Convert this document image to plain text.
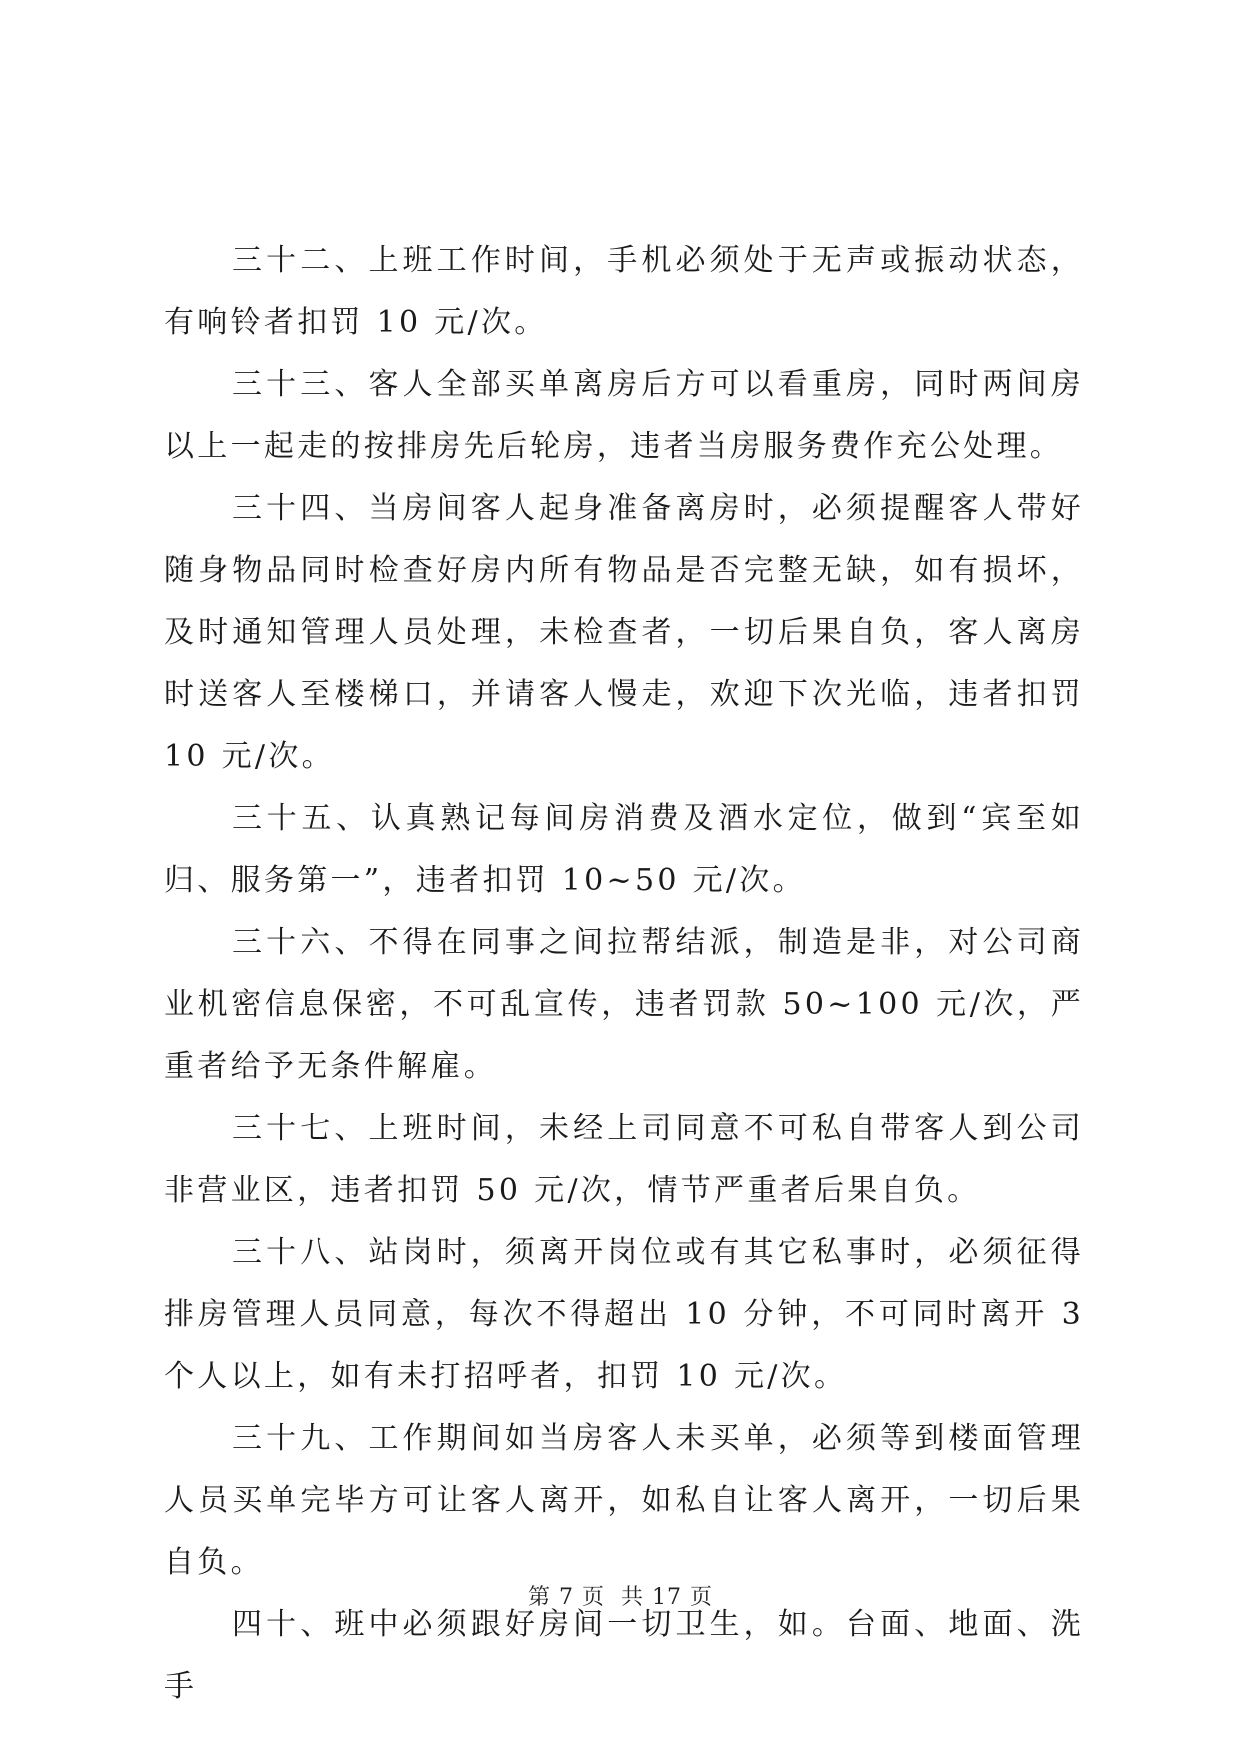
三十二、上班工作时间，手机必须处于无声或振动状态，有响铃者扣罚 10 元/次。

三十三、客人全部买单离房后方可以看重房，同时两间房以上一起走的按排房先后轮房，违者当房服务费作充公处理。

三十四、当房间客人起身准备离房时，必须提醒客人带好随身物品同时检查好房内所有物品是否完整无缺，如有损坏，及时通知管理人员处理，未检查者，一切后果自负，客人离房时送客人至楼梯口，并请客人慢走，欢迎下次光临，违者扣罚 10 元/次。

三十五、认真熟记每间房消费及酒水定位，做到“宾至如归、服务第一”，违者扣罚 10~50 元/次。

三十六、不得在同事之间拉帮结派，制造是非，对公司商业机密信息保密，不可乱宣传，违者罚款 50~100 元/次，严重者给予无条件解雇。

三十七、上班时间，未经上司同意不可私自带客人到公司非营业区，违者扣罚 50 元/次，情节严重者后果自负。

三十八、站岗时，须离开岗位或有其它私事时，必须征得排房管理人员同意，每次不得超出 10 分钟，不可同时离开 3 个人以上，如有未打招呼者，扣罚 10 元/次。

三十九、工作期间如当房客人未买单，必须等到楼面管理人员买单完毕方可让客人离开，如私自让客人离开，一切后果自负。

四十、班中必须跟好房间一切卫生，如。台面、地面、洗手

第 7 页 共 17 页
